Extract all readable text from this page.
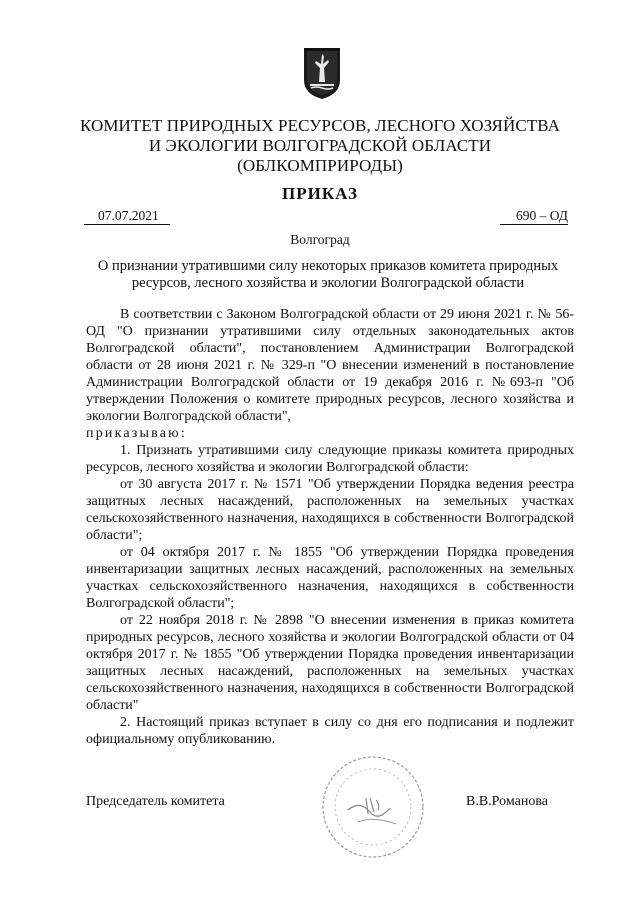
КОМИТЕТ ПРИРОДНЫХ РЕСУРСОВ, ЛЕСНОГО ХОЗЯЙСТВА
И ЭКОЛОГИИ ВОЛГОГРАДСКОЙ ОБЛАСТИ
(ОБЛКОМПРИРОДЫ)
ПРИКАЗ
07.07.2021	690 – ОД
Волгоград
О признании утратившими силу некоторых приказов комитета природных ресурсов, лесного хозяйства и экологии Волгоградской области

В соответствии с Законом Волгоградской области от 29 июня 2021 г. № 56-ОД "О признании утратившими силу отдельных законодательных актов Волгоградской области", постановлением Администрации Волгоградской области от 28 июня 2021 г. № 329-п "О внесении изменений в постановление Администрации Волгоградской области от 19 декабря 2016 г. №693-п "Об утверждении Положения о комитете природных ресурсов, лесного хозяйства и экологии Волгоградской области",

приказываю:

1. Признать утратившими силу следующие приказы комитета природных ресурсов, лесного хозяйства и экологии Волгоградской области:

от 30 августа 2017 г. № 1571 "Об утверждении Порядка ведения реестра защитных лесных насаждений, расположенных на земельных участках сельскохозяйственного назначения, находящихся в собственности Волгоградской области";

от 04 октября 2017 г. № 1855 "Об утверждении Порядка проведения инвентаризации защитных лесных насаждений, расположенных на земельных участках сельскохозяйственного назначения, находящихся в собственности Волгоградской области";

от 22 ноября 2018 г. № 2898 "О внесении изменения в приказ комитета природных ресурсов, лесного хозяйства и экологии Волгоградской области от 04 октября 2017 г. № 1855 "Об утверждении Порядка проведения инвентаризации защитных лесных насаждений, расположенных на земельных участках сельскохозяйственного назначения, находящихся в собственности Волгоградской области"

2. Настоящий приказ вступает в силу со дня его подписания и подлежит официальному опубликованию.

Председатель комитета	В.В.Романова
